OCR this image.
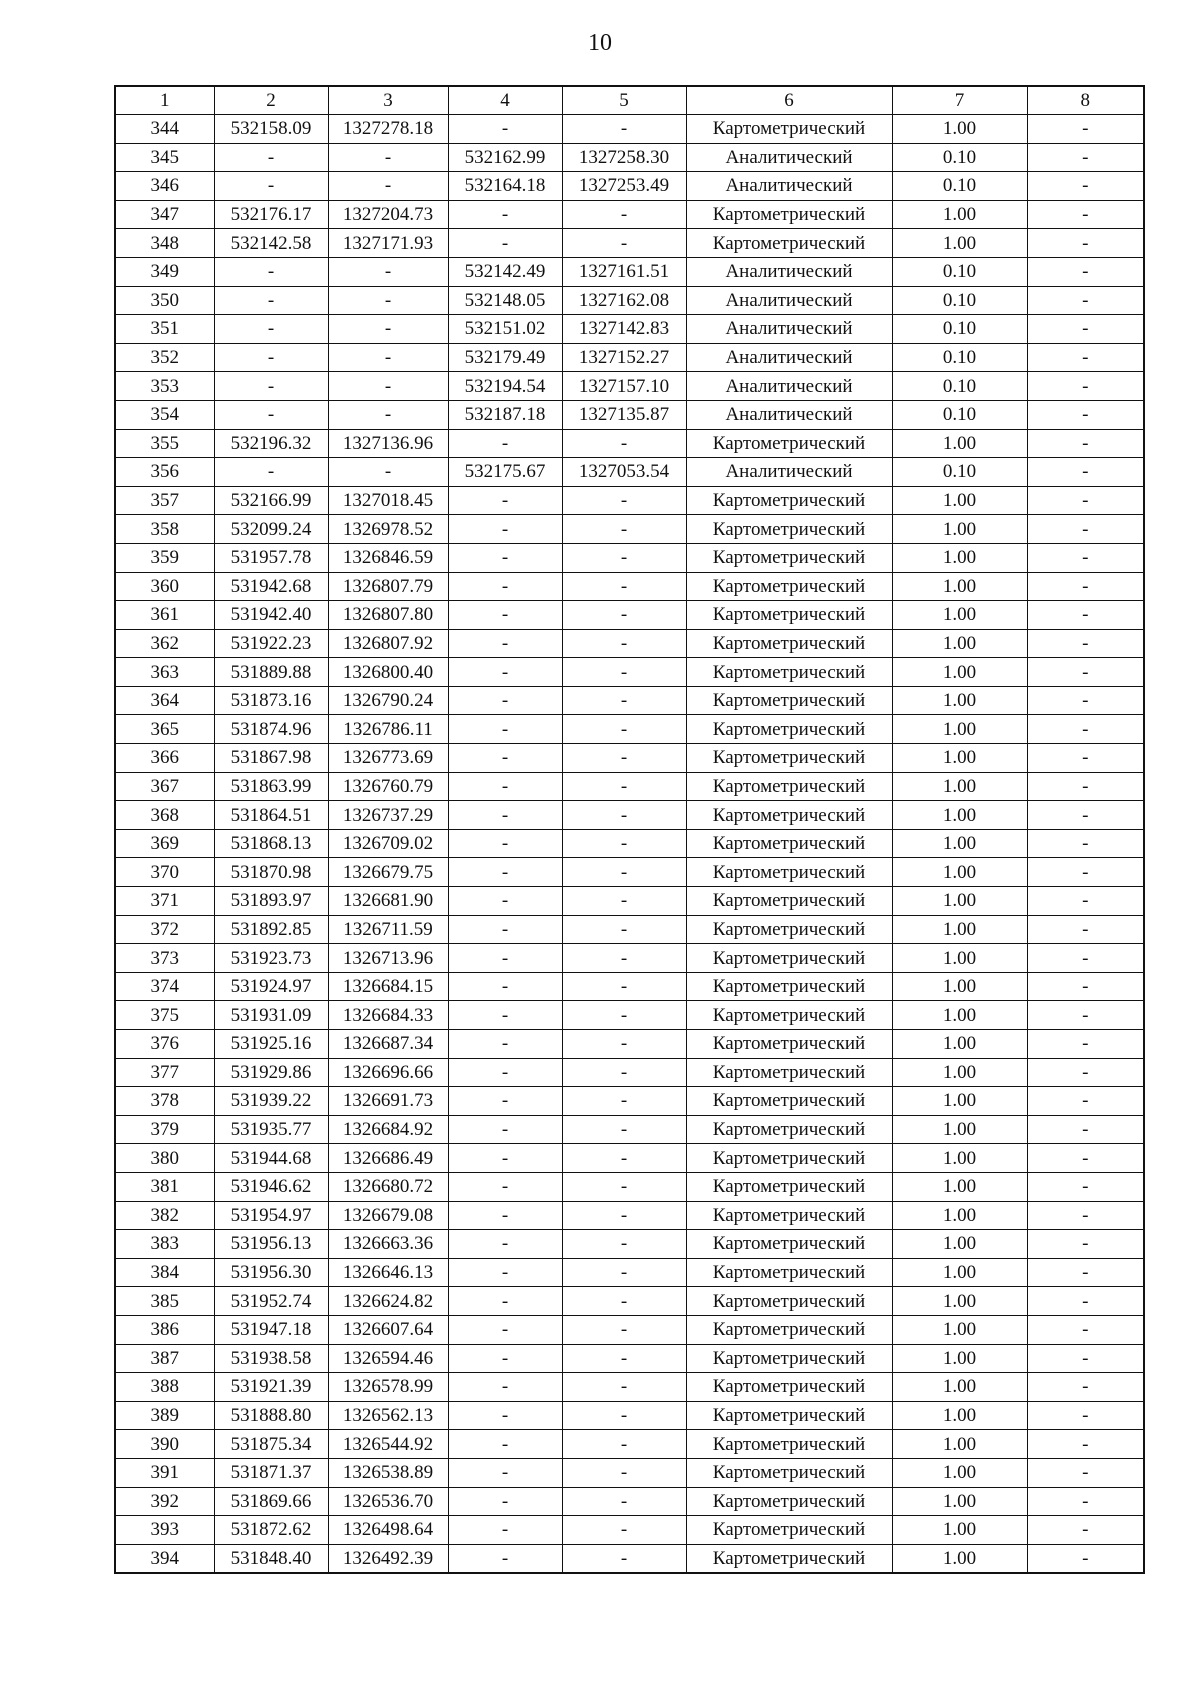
10
1	2	3	4	5	6	7	8
344	532158.09	1327278.18	-	-	Картометрический	1.00	-
345	-	-	532162.99	1327258.30	Аналитический	0.10	-
346	-	-	532164.18	1327253.49	Аналитический	0.10	-
347	532176.17	1327204.73	-	-	Картометрический	1.00	-
348	532142.58	1327171.93	-	-	Картометрический	1.00	-
349	-	-	532142.49	1327161.51	Аналитический	0.10	-
350	-	-	532148.05	1327162.08	Аналитический	0.10	-
351	-	-	532151.02	1327142.83	Аналитический	0.10	-
352	-	-	532179.49	1327152.27	Аналитический	0.10	-
353	-	-	532194.54	1327157.10	Аналитический	0.10	-
354	-	-	532187.18	1327135.87	Аналитический	0.10	-
355	532196.32	1327136.96	-	-	Картометрический	1.00	-
356	-	-	532175.67	1327053.54	Аналитический	0.10	-
357	532166.99	1327018.45	-	-	Картометрический	1.00	-
358	532099.24	1326978.52	-	-	Картометрический	1.00	-
359	531957.78	1326846.59	-	-	Картометрический	1.00	-
360	531942.68	1326807.79	-	-	Картометрический	1.00	-
361	531942.40	1326807.80	-	-	Картометрический	1.00	-
362	531922.23	1326807.92	-	-	Картометрический	1.00	-
363	531889.88	1326800.40	-	-	Картометрический	1.00	-
364	531873.16	1326790.24	-	-	Картометрический	1.00	-
365	531874.96	1326786.11	-	-	Картометрический	1.00	-
366	531867.98	1326773.69	-	-	Картометрический	1.00	-
367	531863.99	1326760.79	-	-	Картометрический	1.00	-
368	531864.51	1326737.29	-	-	Картометрический	1.00	-
369	531868.13	1326709.02	-	-	Картометрический	1.00	-
370	531870.98	1326679.75	-	-	Картометрический	1.00	-
371	531893.97	1326681.90	-	-	Картометрический	1.00	-
372	531892.85	1326711.59	-	-	Картометрический	1.00	-
373	531923.73	1326713.96	-	-	Картометрический	1.00	-
374	531924.97	1326684.15	-	-	Картометрический	1.00	-
375	531931.09	1326684.33	-	-	Картометрический	1.00	-
376	531925.16	1326687.34	-	-	Картометрический	1.00	-
377	531929.86	1326696.66	-	-	Картометрический	1.00	-
378	531939.22	1326691.73	-	-	Картометрический	1.00	-
379	531935.77	1326684.92	-	-	Картометрический	1.00	-
380	531944.68	1326686.49	-	-	Картометрический	1.00	-
381	531946.62	1326680.72	-	-	Картометрический	1.00	-
382	531954.97	1326679.08	-	-	Картометрический	1.00	-
383	531956.13	1326663.36	-	-	Картометрический	1.00	-
384	531956.30	1326646.13	-	-	Картометрический	1.00	-
385	531952.74	1326624.82	-	-	Картометрический	1.00	-
386	531947.18	1326607.64	-	-	Картометрический	1.00	-
387	531938.58	1326594.46	-	-	Картометрический	1.00	-
388	531921.39	1326578.99	-	-	Картометрический	1.00	-
389	531888.80	1326562.13	-	-	Картометрический	1.00	-
390	531875.34	1326544.92	-	-	Картометрический	1.00	-
391	531871.37	1326538.89	-	-	Картометрический	1.00	-
392	531869.66	1326536.70	-	-	Картометрический	1.00	-
393	531872.62	1326498.64	-	-	Картометрический	1.00	-
394	531848.40	1326492.39	-	-	Картометрический	1.00	-
